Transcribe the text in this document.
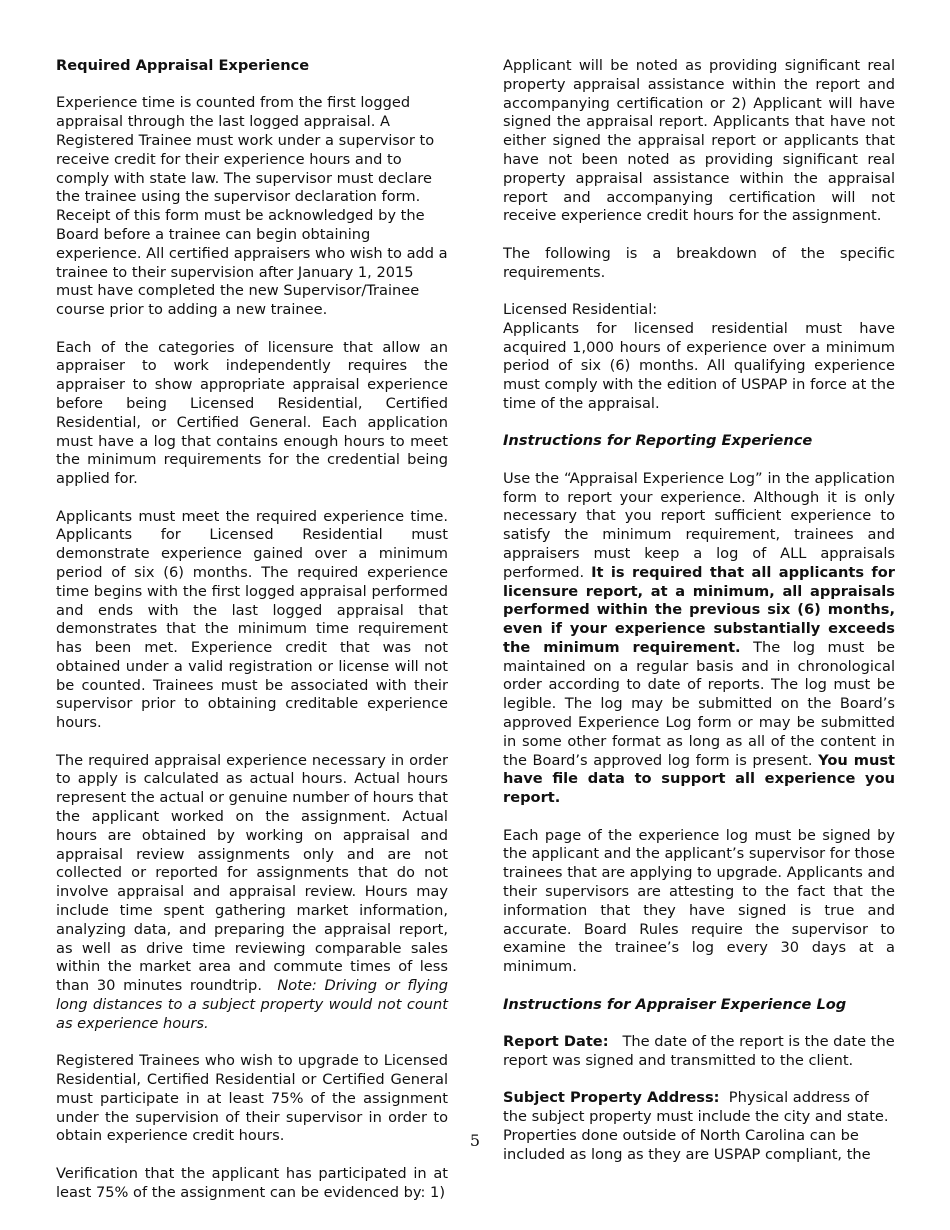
Required Appraisal Experience

Experience time is counted from the first logged appraisal through the last logged appraisal. A Registered Trainee must work under a supervisor to receive credit for their experience hours and to comply with state law. The supervisor must declare the trainee using the supervisor declaration form. Receipt of this form must be acknowledged by the Board before a trainee can begin obtaining experience. All certified appraisers who wish to add a trainee to their supervision after January 1, 2015 must have completed the new Supervisor/Trainee course prior to adding a new trainee.

Each of the categories of licensure that allow an appraiser to work independently requires the appraiser to show appropriate appraisal experience before being Licensed Residential, Certified Residential, or Certified General. Each application must have a log that contains enough hours to meet the minimum requirements for the credential being applied for.

Applicants must meet the required experience time. Applicants for Licensed Residential must demonstrate experience gained over a minimum period of six (6) months. The required experience time begins with the first logged appraisal performed and ends with the last logged appraisal that demonstrates that the minimum time requirement has been met. Experience credit that was not obtained under a valid registration or license will not be counted. Trainees must be associated with their supervisor prior to obtaining creditable experience hours.

The required appraisal experience necessary in order to apply is calculated as actual hours. Actual hours represent the actual or genuine number of hours that the applicant worked on the assignment. Actual hours are obtained by working on appraisal and appraisal review assignments only and are not collected or reported for assignments that do not involve appraisal and appraisal review. Hours may include time spent gathering market information, analyzing data, and preparing the appraisal report, as well as drive time reviewing comparable sales within the market area and commute times of less than 30 minutes roundtrip. Note: Driving or flying long distances to a subject property would not count as experience hours.

Registered Trainees who wish to upgrade to Licensed Residential, Certified Residential or Certified General must participate in at least 75% of the assignment under the supervision of their supervisor in order to obtain experience credit hours.

Verification that the applicant has participated in at least 75% of the assignment can be evidenced by: 1)

Applicant will be noted as providing significant real property appraisal assistance within the report and accompanying certification or 2) Applicant will have signed the appraisal report. Applicants that have not either signed the appraisal report or applicants that have not been noted as providing significant real property appraisal assistance within the appraisal report and accompanying certification will not receive experience credit hours for the assignment.

The following is a breakdown of the specific requirements.

Licensed Residential:

Applicants for licensed residential must have acquired 1,000 hours of experience over a minimum period of six (6) months. All qualifying experience must comply with the edition of USPAP in force at the time of the appraisal.

Instructions for Reporting Experience

Use the “Appraisal Experience Log” in the application form to report your experience. Although it is only necessary that you report sufficient experience to satisfy the minimum requirement, trainees and appraisers must keep a log of ALL appraisals performed. It is required that all applicants for licensure report, at a minimum, all appraisals performed within the previous six (6) months, even if your experience substantially exceeds the minimum requirement. The log must be maintained on a regular basis and in chronological order according to date of reports. The log must be legible. The log may be submitted on the Board’s approved Experience Log form or may be submitted in some other format as long as all of the content in the Board’s approved log form is present. You must have file data to support all experience you report.

Each page of the experience log must be signed by the applicant and the applicant’s supervisor for those trainees that are applying to upgrade. Applicants and their supervisors are attesting to the fact that the information that they have signed is true and accurate. Board Rules require the supervisor to examine the trainee’s log every 30 days at a minimum.

Instructions for Appraiser Experience Log

Report Date: The date of the report is the date the report was signed and transmitted to the client.

Subject Property Address: Physical address of the subject property must include the city and state. Properties done outside of North Carolina can be included as long as they are USPAP compliant, the

5
